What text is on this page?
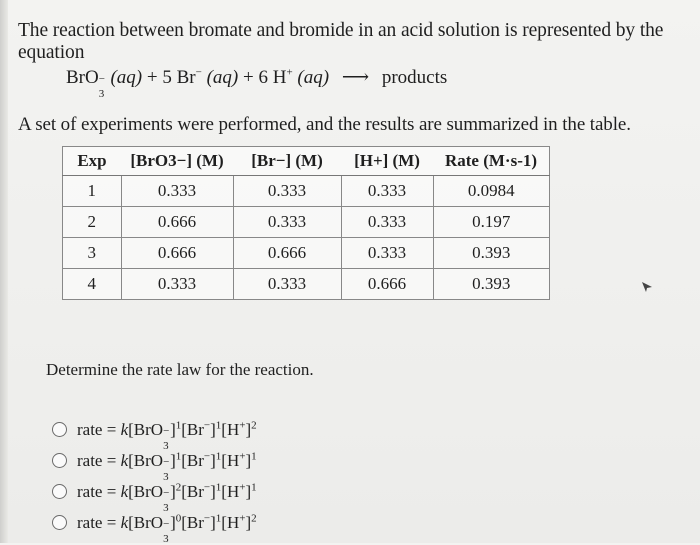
The reaction between bromate and bromide in an acid solution is represented by the equation
BrO −
3
(aq) + 5 Br− (aq) + 6 H+ (aq) ⟶ products
A set of experiments were performed, and the results are summarized in the table.
Exp	[BrO3−] (M)	[Br−] (M)	[H+] (M)	Rate (M·s-1)
1	0.333	0.333	0.333	0.0984
2	0.666	0.333	0.333	0.197
3	0.666	0.666	0.333	0.393
4	0.333	0.333	0.666	0.393
Determine the rate law for the reaction.
rate = k[BrO −
3
]$^1[Br^-]^1[H^+]^2$
rate = k[BrO −
3
]$^1[Br^-]^1[H^+]^1$
rate = k[BrO −
3
]$^2[Br^-]^1[H^+]^1$
rate = k[BrO −
3
]$^0[Br^-]^1[H^+]^2$
